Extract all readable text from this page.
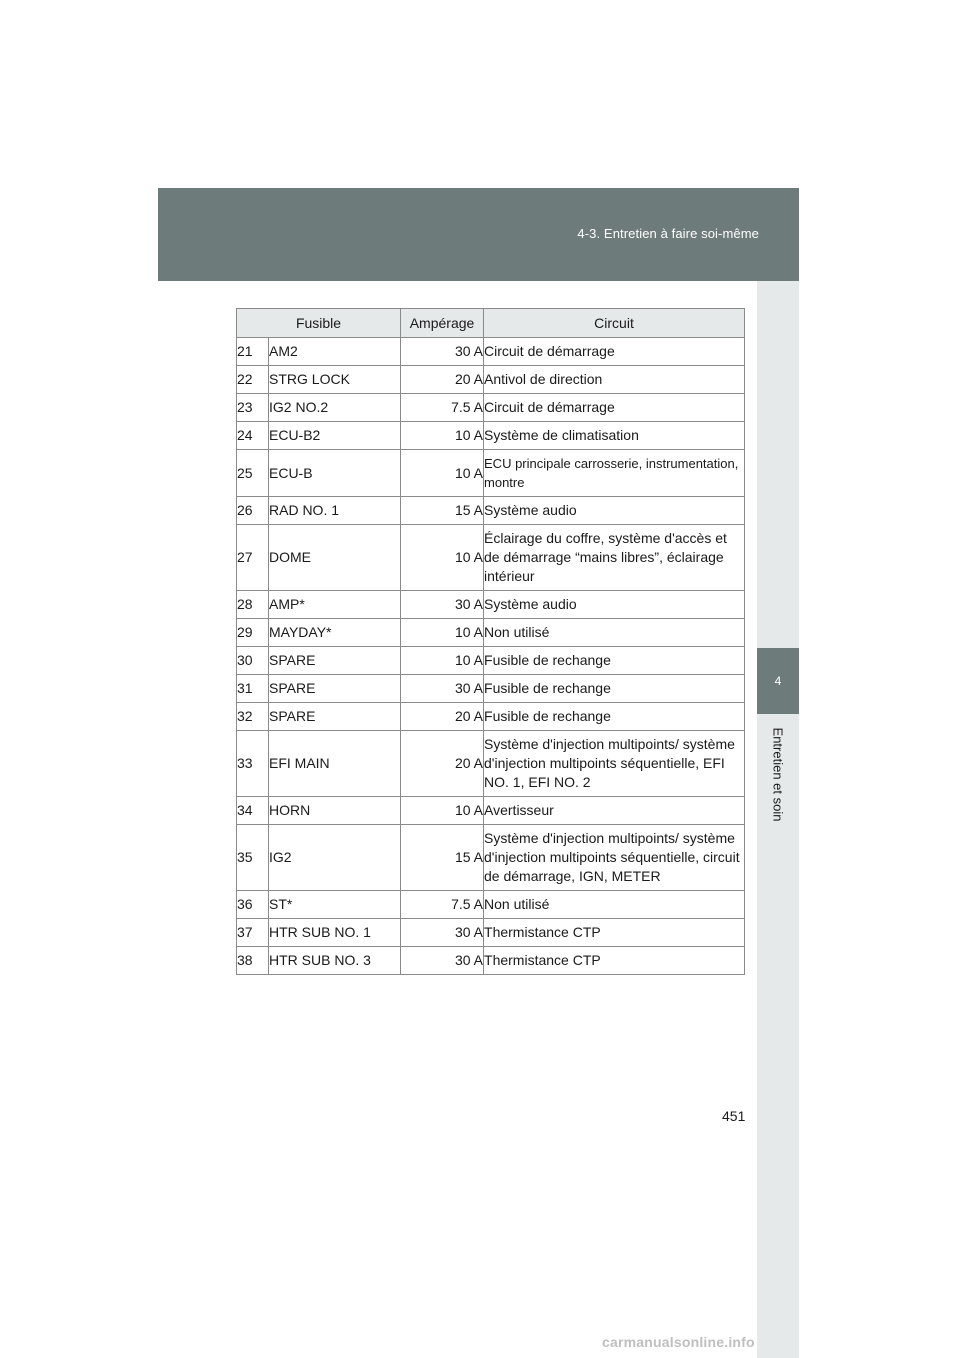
4-3. Entretien à faire soi-même
4
Entretien et soin
Fusible		Ampérage	Circuit
21	AM2	30 A	Circuit de démarrage
22	STRG LOCK	20 A	Antivol de direction
23	IG2 NO.2	7.5 A	Circuit de démarrage
24	ECU-B2	10 A	Système de climatisation
25	ECU-B	10 A	ECU principale carrosserie, instrumentation, montre
26	RAD NO. 1	15 A	Système audio
27	DOME	10 A	Éclairage du coffre, système d'accès et de démarrage “mains libres”, éclairage intérieur
28	AMP*	30 A	Système audio
29	MAYDAY*	10 A	Non utilisé
30	SPARE	10 A	Fusible de rechange
31	SPARE	30 A	Fusible de rechange
32	SPARE	20 A	Fusible de rechange
33	EFI MAIN	20 A	Système d'injection multipoints/ système d'injection multipoints séquentielle, EFI NO. 1, EFI NO. 2
34	HORN	10 A	Avertisseur
35	IG2	15 A	Système d'injection multipoints/ système d'injection multipoints séquentielle, circuit de démarrage, IGN, METER
36	ST*	7.5 A	Non utilisé
37	HTR SUB NO. 1	30 A	Thermistance CTP
38	HTR SUB NO. 3	30 A	Thermistance CTP
451
carmanualsonline.info
